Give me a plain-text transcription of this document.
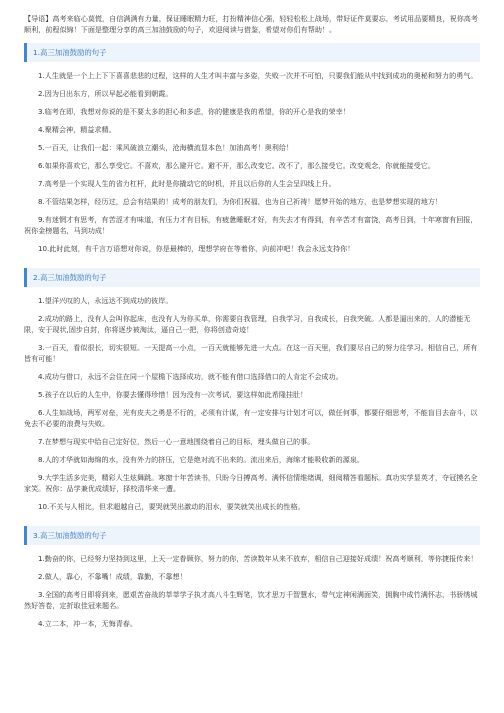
【导语】高考来临心莫慌，自信满满有力量，保证睡眠精力旺，打扮精神信心强，轻轻松松上战场，带好证件莫要忘，考试用品要精良，祝你高考顺利，前程似锦！下面是整理分享的高三加油鼓励的句子，欢迎阅读与借鉴，希望对你们有帮助！。

1.高三加油鼓励的句子

1.人生就是一个上上下下喜喜悲悲的过程，这样的人生才叫丰富与多姿，失败一次并不可怕，只要我们能从中找到成功的奥秘和努力的勇气。

2.因为日出东方，所以早起必能看到朝霞。

3.临考在即，我想对你说的是不要太多的担心和多虑，你的健康是我的希望，你的开心是我的荣幸！

4.聚精会神，精益求精。

5.一百天，让我们一起：乘风破浪立潮头，沧海横流显本色！加油高考！奥利给！

6.如果你喜欢它，那么享受它。不喜欢，那么避开它。避不开，那么改变它。改不了，那么接受它。改变观念，你就能接受它。

7.高考是一个实现人生的省力杠杆，此时是你撬动它的时机，并且以后你的人生会呈四线上升。

8.不管结果怎样，经历过，总会有结果的！成考的朋友们，为你们祝福，也为自己祈祷！愿梦开始的地方，也是梦想实现的地方！

9.有迷惘才有思考，有苦涩才有味道，有压力才有目标，有疲惫睡眠才好，有失去才有得到，有辛苦才有富饶，高考日到，十年寒窗有回报，祝你金榜题名，马到功成！

10.此时此刻，有千言万语想对你说，你是最棒的，理想学府在等着你，向前冲吧！我会永远支持你！

2.高三加油鼓励的句子

1.望洋兴叹的人，永远达不到成功的彼岸。

2.成功的路上，没有人会叫你起床，也没有人为你买单，你需要自我管理，自我学习，自我成长，自我突破。人都是逼出来的，人的潜能无限，安于现状,固步自封，你将逐步被淘汰，逼自己一把，你将创造奇迹！

3.一百天，看似很长，切实很短。一天提高一小点，一百天就能够先进一大点。在这一百天里，我们要尽自己的努力往学习。相信自己，所有皆有可能！

4.成功与借口，永远不会住在同一个屋檐下选择成功，就不能有借口选择借口的人肯定不会成功。

5.孩子在以后的人生中，你要去懂得珍惜！因为没有一次考试，要这样如此希隆挂肚！

6.人生如战场，两军对垒，光有皮夫之勇是不行的，必须有计谋，有一定安排与计划才可以，做任何事，都要仔细思考，不能盲目去奋斗，以免去不必要的浪费与失败。

7.在梦想与现实中给自己定好位，然后一心一意地围绕着自己的目标，埋头做自己的事。

8.人的才华就如海绵的水，没有外力的挤压，它是绝对流不出来的。流出来后，海绵才能吸收新的源泉。

9.大学生活多完美，精彩人生炫舞跳。寒窗十年苦读书，只盼今日搏高考。满怀信情维绪调，细阅精答看题标。真功实学显英才，夺冠摸名全家笑。祝你：品学兼优成绩好，择校清华来一遭。

10.不关与人相比，但求超越自己，要哭就哭出激动的泪水，要笑就笑出成长的性格。

3.高三加油鼓励的句子

1.勤奋的你，已经努力坚持到这里，上天一定眷顾你，努力的你，苦读数年从来不放弃，相信自己迎接好成绩！祝高考顺利，等你捷报传来！

2.做人，靠心，不靠嘴！成绩，靠勤，不靠想！

3.全国的高考日即将到来，愿艰苦奋战的莘莘学子执才高八斗生辉笔，饮才思万千智慧水，带气定神闲满面笑，拥胸中成竹满怀志，书骄绣城然好答卷，定折取佳冠来题名。

4.立二本，冲一本，无悔青春。
